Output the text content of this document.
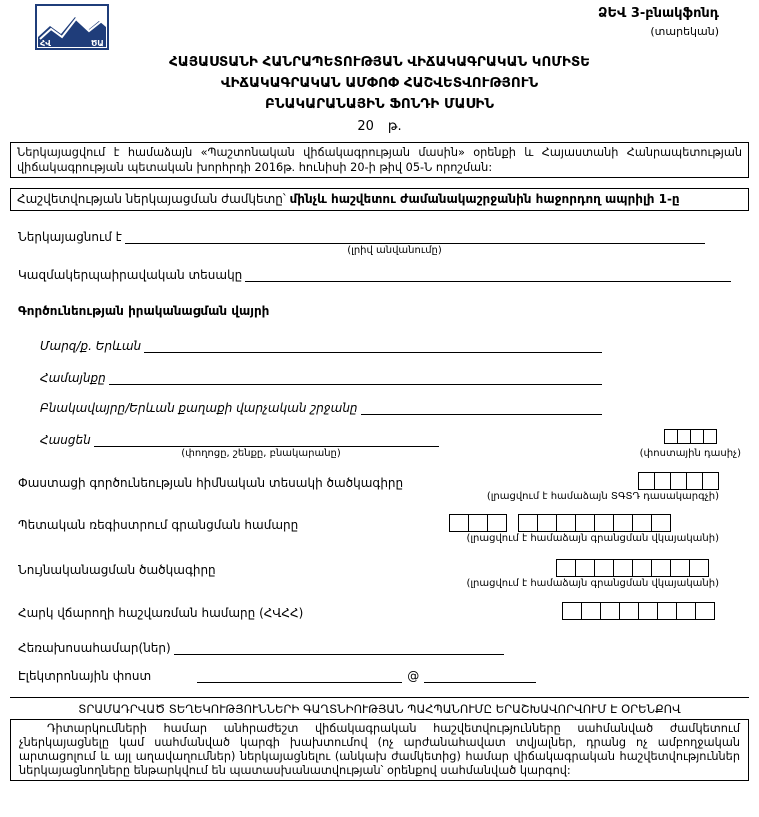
ՀՎ	ԾԱ
ՁԵՎ 3-բնակֆոնդ
(տարեկան)
ՀԱՅԱՍՏԱՆԻ ՀԱՆՐԱՊԵՏՈՒԹՅԱՆ ՎԻՃԱԿԱԳՐԱԿԱՆ ԿՈՄԻՏԵ
ՎԻՃԱԿԱԳՐԱԿԱՆ ԱՄՓՈՓ ՀԱՇՎԵՏՎՈՒԹՅՈՒՆ
ԲՆԱԿԱՐԱՆԱՅԻՆ ՖՈՆԴԻ ՄԱՍԻՆ
20 թ.
Ներկայացվում է համաձայն «Պաշտոնական վիճակագրության մասին» օրենքի և Հայաստանի Հանրապետության վիճակագրության պետական խորհրդի 2016թ. հունիսի 20-ի թիվ 05-Ն որոշման:
Հաշվետվության ներկայացման ժամկետը՝ մինչև հաշվետու ժամանակաշրջանին հաջորդող ապրիլի 1-ը
Ներկայացնում է
(լրիվ անվանումը)
Կազմակերպաիրավական տեսակը
Գործունեության իրականացման վայրի
Մարզ/ք. Երևան
Համայնքը
Բնակավայրը/Երևան քաղաքի վարչական շրջանը
Հասցեն
(փողոցը, շենքը, բնակարանը)	(փոստային դասիչ)
Փաստացի գործունեության հիմնական տեսակի ծածկագիրը
(լրացվում է համաձայն ՏԳՏԴ դասակարգչի)
Պետական ռեգիստրում գրանցման համարը
(լրացվում է համաձայն գրանցման վկայականի)
Նույնականացման ծածկագիրը
(լրացվում է համաձայն գրանցման վկայականի)
Հարկ վճարողի հաշվառման համարը (ՀՎՀՀ)
Հեռախոսահամար(ներ)
Էլեկտրոնային փոստ	@
ՏՐԱՄԱԴՐՎԱԾ ՏԵՂԵԿՈՒԹՅՈՒՆՆԵՐԻ ԳԱՂՏՆԻՈՒԹՅԱՆ ՊԱՀՊԱՆՈՒՄԸ ԵՐԱՇԽԱՎՈՐՎՈՒՄ Է ՕՐԵՆՔՈՎ
Դիտարկումների համար անհրաժեշտ վիճակագրական հաշվետվությունները սահմանված ժամկետում չներկայացնելը կամ սահմանված կարգի խախտումով (ոչ արժանահավատ տվյալներ, դրանց ոչ ամբողջական արտացոլում և այլ աղավաղումներ) ներկայացնելու (անկախ ժամկետից) համար վիճակագրական հաշվետվություններ ներկայացնողները ենթարկվում են պատասխանատվության՝ օրենքով սահմանված կարգով:
